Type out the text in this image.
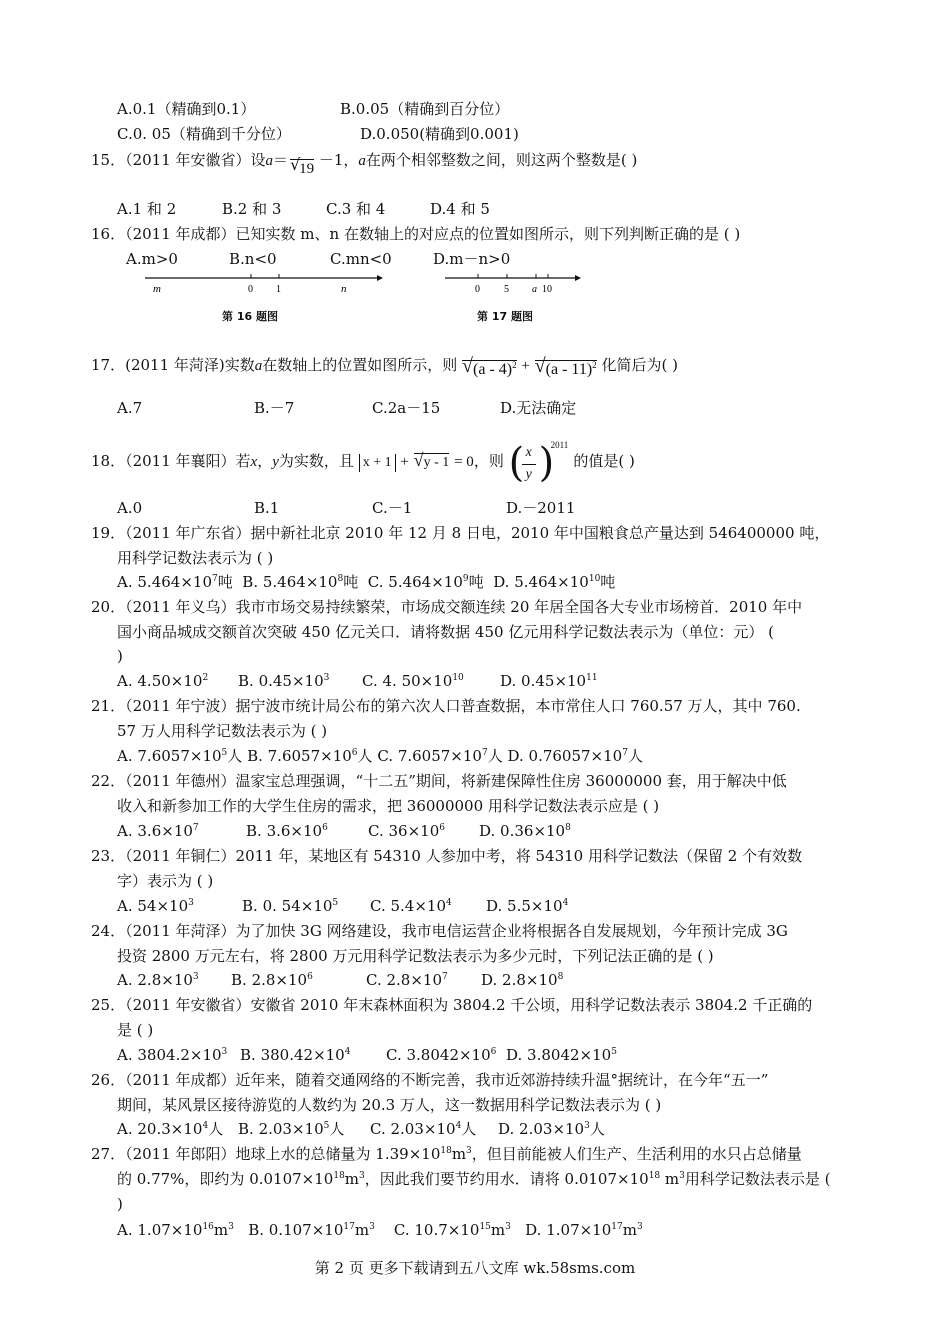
A.0.1（精确到0.1）	B.0.05（精确到百分位）
C.0. 05（精确到千分位）	D.0.050(精确到0.001)
15．（2011 年安徽省）设a＝ √
19 －1，a在两个相邻整数之间，则这两个整数是( )
A.1 和 2	B.2 和 3	C.3 和 4	D.4 和 5
16．（2011 年成都）已知实数 m、n 在数轴上的对应点的位置如图所示，则下列判断正确的是 ( )
A.m>0	B.n<0	C.mn<0	D.m－n>0
m	0 1	n
第 16 题图
0 5 a 10
第 17 题图
17．(2011 年菏泽)实数a在数轴上的位置如图所示，则 √ (a - 4)$^2$ + √ (a - 11)$^2$ 化简后为( )
A.7	B.－7	C.2a－15	D.无法确定
18．（2011 年襄阳）若x，y为实数，且 x + 1 + √ y - 1 = 0，则 ( x
y )
2011
的值是( )
A.0	B.1	C.－1	D.－2011
19．（2011 年广东省）据中新社北京 2010 年 12 月 8 日电，2010 年中国粮食总产量达到 546400000 吨，
用科学记数法表示为 ( )
A. $5.464\times 10^7$吨 B. $5.464\times 10^8$吨 C. $5.464\times 10^9$吨 D. $5.464\times 10^{10}$吨
20．（2011 年义乌）我市市场交易持续繁荣，市场成交额连续 20 年居全国各大专业市场榜首．2010 年中
国小商品城成交额首次突破 450 亿元关口．请将数据 450 亿元用科学记数法表示为（单位：元） (
)
A. $4.50\times 10^2$ B. $0.45\times 10^3$ C. 4. $50\times 10^{10}$ D. $0.45\times 10^{11}$
21．（2011 年宁波）据宁波市统计局公布的第六次人口普查数据，本市常住人口 760.57 万人，其中 760.
57 万人用科学记数法表示为 ( )
A. $7.6057\times 10^5$人 B. $7.6057\times 10^6$人 C. $7.6057\times 10^7$人 D. $0.76057\times 10^7$人
22．（2011 年德州）温家宝总理强调，“十二五”期间，将新建保障性住房 36000000 套，用于解决中低
收入和新参加工作的大学生住房的需求，把 36000000 用科学记数法表示应是 ( )
A. $3.6\times 10^7$	B. $3.6\times 10^6$	C. $36\times 10^6$ D. $0.36\times 10^8$
23．（2011 年铜仁）2011 年，某地区有 54310 人参加中考，将 54310 用科学记数法（保留 2 个有效数
字）表示为 ( )
A. $54\times 10^3$	B. 0. $54\times 10^5$ C. $5.4\times 10^4$ D. $5.5\times 10^4$
24．（2011 年菏泽）为了加快 3G 网络建设，我市电信运营企业将根据各自发展规划，今年预计完成 3G
投资 2800 万元左右，将 2800 万元用科学记数法表示为多少元时，下列记法正确的是 ( )
A. $2.8\times 10^3$ B. $2.8\times 10^6$	C. $2.8\times 10^7$ D. $2.8\times 10^8$
25．（2011 年安徽省）安徽省 2010 年末森林面积为 3804.2 千公顷，用科学记数法表示 3804.2 千正确的
是 ( )
A. $3804.2\times 10^3$ B. $380.42\times 10^4$ C. $3.8042\times 10^6$ D. $3.8042\times 10^5$
26．（2011 年成都）近年来，随着交通网络的不断完善，我市近郊游持续升温°据统计，在今年“五一”
期间，某风景区接待游览的人数约为 20.3 万人，这一数据用科学记数法表示为 ( )
A. $20.3\times 10^4$人 B. $2.03\times 10^5$人 C. $2.03\times 10^4$人 D. $2.03\times 10^3$人
27．（2011 年郎阳）地球上水的总储量为 $1.39\times 10^{18}m^3$，但目前能被人们生产、生活利用的水只占总储量
的 0.77%，即约为 $0.0107\times 10^{18}m^3$，因此我们要节约用水．请将 $0.0107\times 10^{18}$ $m^3$用科学记数法表示是 (
)
A. $1.07\times 10^{16}m^3$ B. $0.107\times 10^{17}m^3$ C. $10.7\times 10^{15}m^3$ D. $1.07\times 10^{17}m^3$
第 2 页 更多下载请到五八文库 wk.58sms.com
